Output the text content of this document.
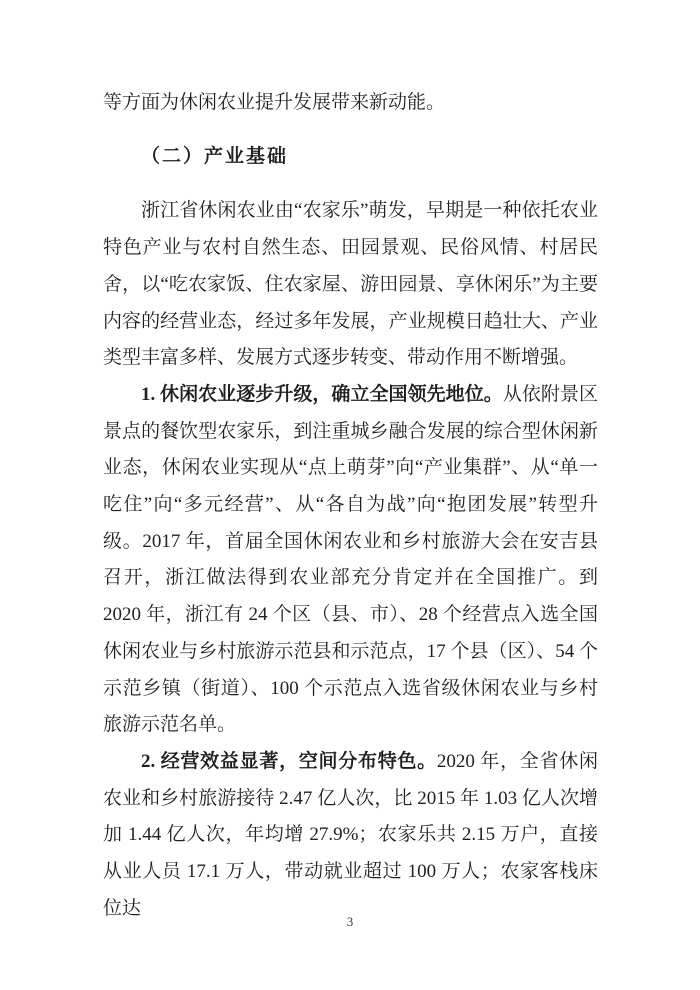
等方面为休闲农业提升发展带来新动能。

（二）产业基础

浙江省休闲农业由“农家乐”萌发，早期是一种依托农业特色产业与农村自然生态、田园景观、民俗风情、村居民舍，以“吃农家饭、住农家屋、游田园景、享休闲乐”为主要内容的经营业态，经过多年发展，产业规模日趋壮大、产业类型丰富多样、发展方式逐步转变、带动作用不断增强。

1. 休闲农业逐步升级，确立全国领先地位。从依附景区景点的餐饮型农家乐，到注重城乡融合发展的综合型休闲新业态，休闲农业实现从“点上萌芽”向“产业集群”、从“单一吃住”向“多元经营”、从“各自为战”向“抱团发展”转型升级。2017 年，首届全国休闲农业和乡村旅游大会在安吉县召开，浙江做法得到农业部充分肯定并在全国推广。到 2020 年，浙江有 24 个区（县、市）、28 个经营点入选全国休闲农业与乡村旅游示范县和示范点，17 个县（区）、54 个示范乡镇（街道）、100 个示范点入选省级休闲农业与乡村旅游示范名单。

2. 经营效益显著，空间分布特色。2020 年，全省休闲农业和乡村旅游接待 2.47 亿人次，比 2015 年 1.03 亿人次增加 1.44 亿人次，年均增 27.9%；农家乐共 2.15 万户，直接从业人员 17.1 万人，带动就业超过 100 万人；农家客栈床位达

3
